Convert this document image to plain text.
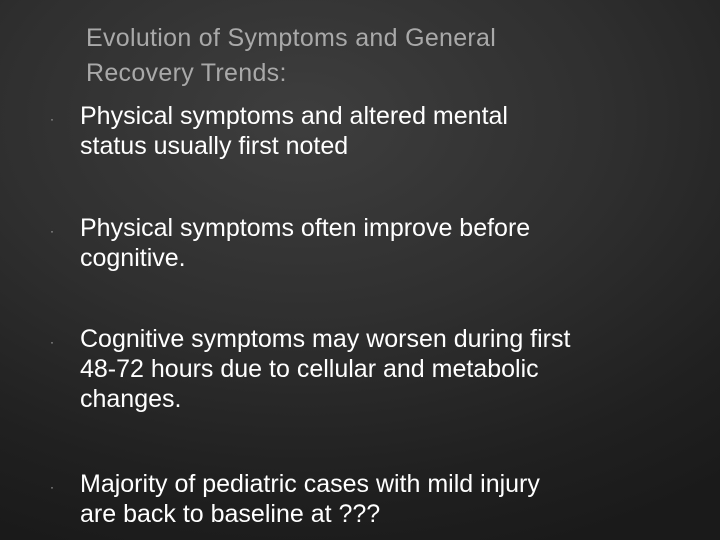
Evolution of Symptoms and General
Recovery Trends:
· Physical symptoms and altered mental
status usually first noted
· Physical symptoms often improve before
cognitive.
· Cognitive symptoms may worsen during first
48-72 hours due to cellular and metabolic
changes.
· Majority of pediatric cases with mild injury
are back to baseline at ???
